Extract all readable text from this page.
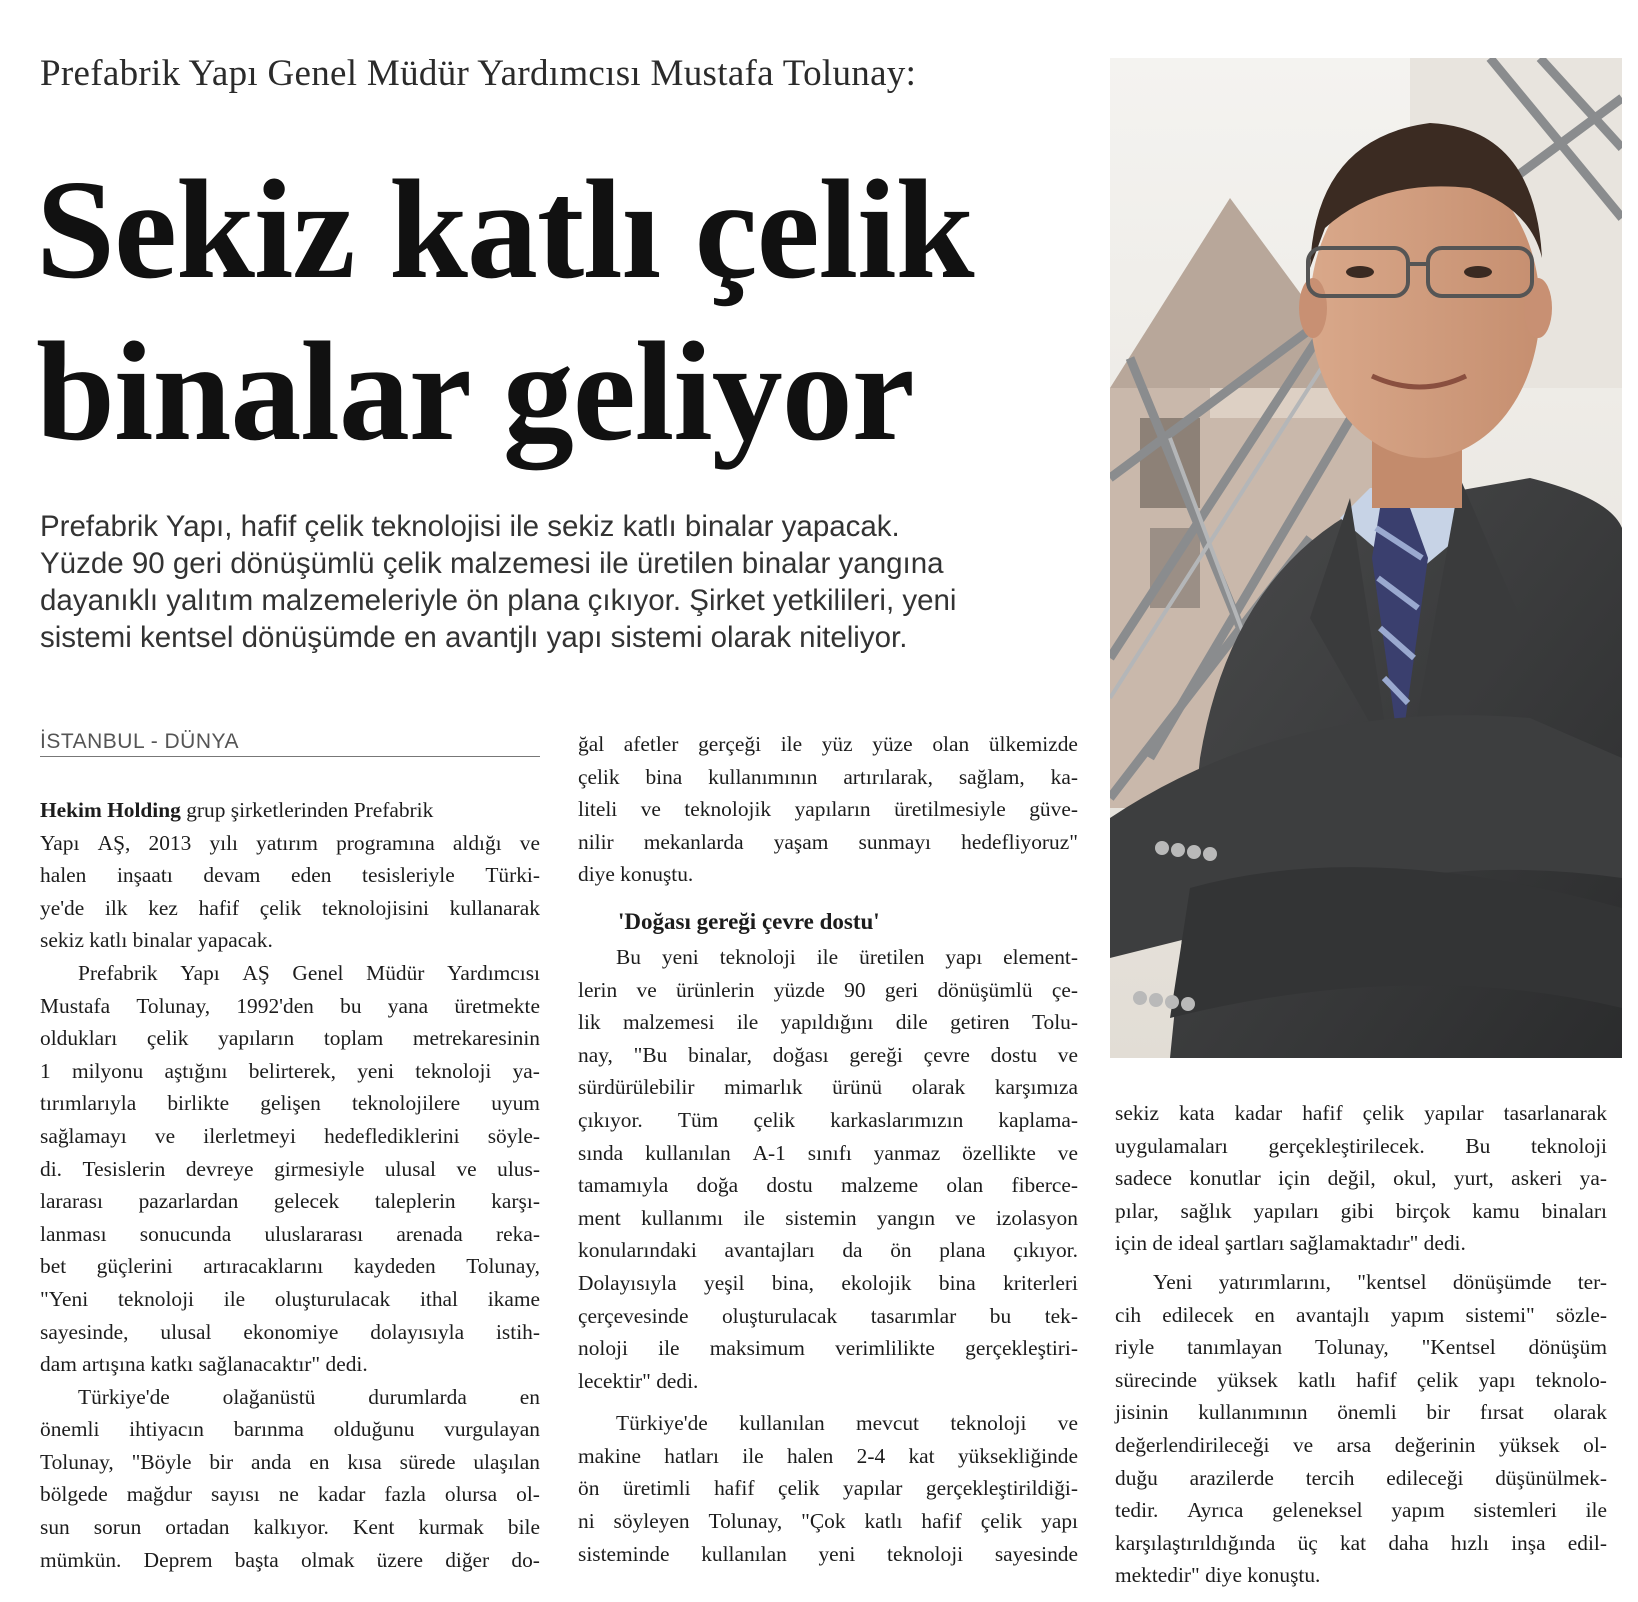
Prefabrik Yapı Genel Müdür Yardımcısı Mustafa Tolunay:
Sekiz katlı çelik
binalar geliyor
Prefabrik Yapı, hafif çelik teknolojisi ile sekiz katlı binalar yapacak.
Yüzde 90 geri dönüşümlü çelik malzemesi ile üretilen binalar yangına
dayanıklı yalıtım malzemeleriyle ön plana çıkıyor. Şirket yetkilileri, yeni
sistemi kentsel dönüşümde en avantjlı yapı sistemi olarak niteliyor.
İSTANBUL - DÜNYA
Hekim Holding grup şirketlerinden Prefabrik
Yapı AŞ, 2013 yılı yatırım programına aldığı ve
halen inşaatı devam eden tesisleriyle Türki-
ye'de ilk kez hafif çelik teknolojisini kullanarak
sekiz katlı binalar yapacak.
Prefabrik Yapı AŞ Genel Müdür Yardımcısı
Mustafa Tolunay, 1992'den bu yana üretmekte
oldukları çelik yapıların toplam metrekaresinin
1 milyonu aştığını belirterek, yeni teknoloji ya-
tırımlarıyla birlikte gelişen teknolojilere uyum
sağlamayı ve ilerletmeyi hedeflediklerini söyle-
di. Tesislerin devreye girmesiyle ulusal ve ulus-
lararası pazarlardan gelecek taleplerin karşı-
lanması sonucunda uluslararası arenada reka-
bet güçlerini artıracaklarını kaydeden Tolunay,
"Yeni teknoloji ile oluşturulacak ithal ikame
sayesinde, ulusal ekonomiye dolayısıyla istih-
dam artışına katkı sağlanacaktır" dedi.
Türkiye'de olağanüstü durumlarda en
önemli ihtiyacın barınma olduğunu vurgulayan
Tolunay, "Böyle bir anda en kısa sürede ulaşılan
bölgede mağdur sayısı ne kadar fazla olursa ol-
sun sorun ortadan kalkıyor. Kent kurmak bile
mümkün. Deprem başta olmak üzere diğer do-
ğal afetler gerçeği ile yüz yüze olan ülkemizde
çelik bina kullanımının artırılarak, sağlam, ka-
liteli ve teknolojik yapıların üretilmesiyle güve-
nilir mekanlarda yaşam sunmayı hedefliyoruz"
diye konuştu.
'Doğası gereği çevre dostu'
Bu yeni teknoloji ile üretilen yapı element-
lerin ve ürünlerin yüzde 90 geri dönüşümlü çe-
lik malzemesi ile yapıldığını dile getiren Tolu-
nay, "Bu binalar, doğası gereği çevre dostu ve
sürdürülebilir mimarlık ürünü olarak karşımıza
çıkıyor. Tüm çelik karkaslarımızın kaplama-
sında kullanılan A-1 sınıfı yanmaz özellikte ve
tamamıyla doğa dostu malzeme olan fiberce-
ment kullanımı ile sistemin yangın ve izolasyon
konularındaki avantajları da ön plana çıkıyor.
Dolayısıyla yeşil bina, ekolojik bina kriterleri
çerçevesinde oluşturulacak tasarımlar bu tek-
noloji ile maksimum verimlilikte gerçekleştiri-
lecektir" dedi.
Türkiye'de kullanılan mevcut teknoloji ve
makine hatları ile halen 2-4 kat yüksekliğinde
ön üretimli hafif çelik yapılar gerçekleştirildiği-
ni söyleyen Tolunay, "Çok katlı hafif çelik yapı
sisteminde kullanılan yeni teknoloji sayesinde
sekiz kata kadar hafif çelik yapılar tasarlanarak
uygulamaları gerçekleştirilecek. Bu teknoloji
sadece konutlar için değil, okul, yurt, askeri ya-
pılar, sağlık yapıları gibi birçok kamu binaları
için de ideal şartları sağlamaktadır" dedi.
Yeni yatırımlarını, "kentsel dönüşümde ter-
cih edilecek en avantajlı yapım sistemi" sözle-
riyle tanımlayan Tolunay, "Kentsel dönüşüm
sürecinde yüksek katlı hafif çelik yapı teknolo-
jisinin kullanımının önemli bir fırsat olarak
değerlendirileceği ve arsa değerinin yüksek ol-
duğu arazilerde tercih edileceği düşünülmek-
tedir. Ayrıca geleneksel yapım sistemleri ile
karşılaştırıldığında üç kat daha hızlı inşa edil-
mektedir" diye konuştu.
